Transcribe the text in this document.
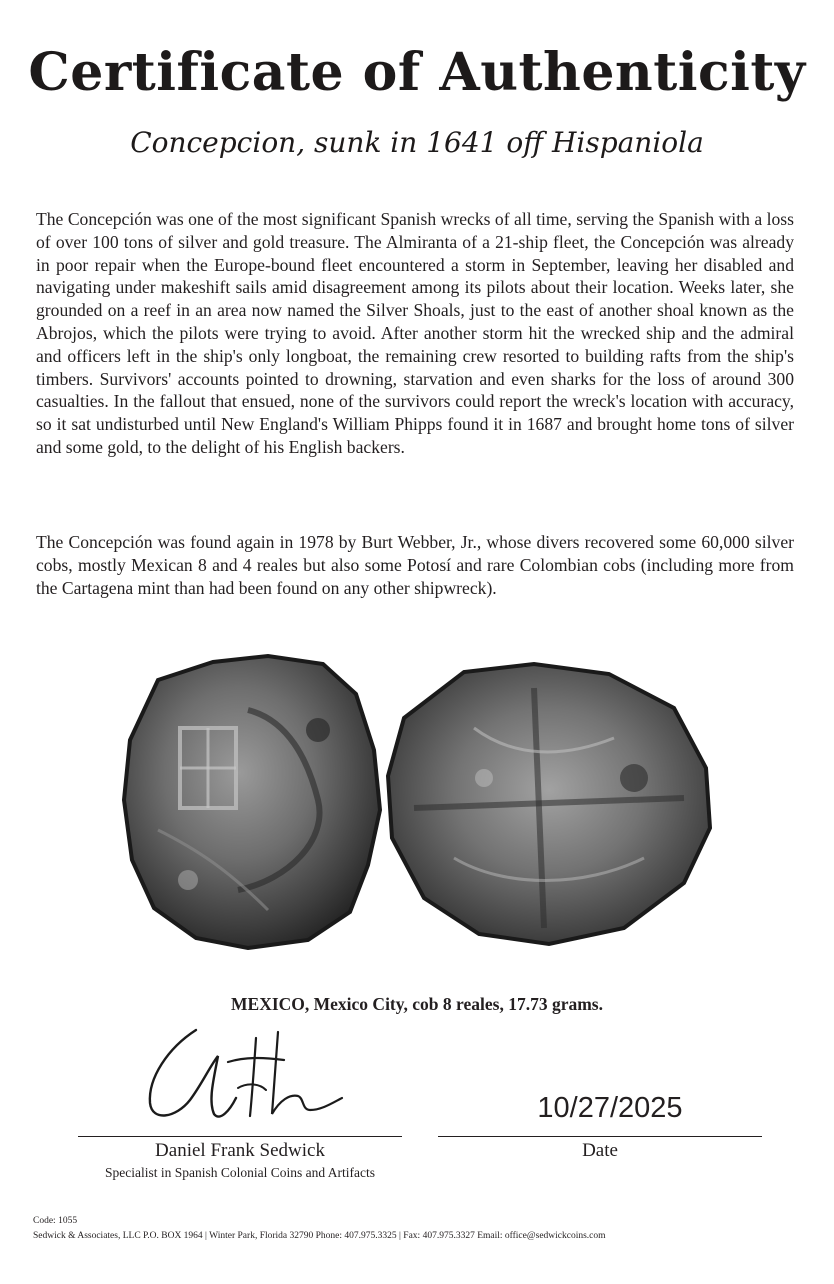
Certificate of Authenticity
Concepcion, sunk in 1641 off Hispaniola

The Concepción was one of the most significant Spanish wrecks of all time, serving the Spanish with a loss of over 100 tons of silver and gold treasure. The Almiranta of a 21-ship fleet, the Concepción was already in poor repair when the Europe-bound fleet encountered a storm in September, leaving her disabled and navigating under makeshift sails amid disagreement among its pilots about their location. Weeks later, she grounded on a reef in an area now named the Silver Shoals, just to the east of another shoal known as the Abrojos, which the pilots were trying to avoid. After another storm hit the wrecked ship and the admiral and officers left in the ship's only longboat, the remaining crew resorted to building rafts from the ship's timbers. Survivors' accounts pointed to drowning, starvation and even sharks for the loss of around 300 casualties. In the fallout that ensued, none of the survivors could report the wreck's location with accuracy, so it sat undisturbed until New England's William Phipps found it in 1687 and brought home tons of silver and some gold, to the delight of his English backers.

The Concepción was found again in 1978 by Burt Webber, Jr., whose divers recovered some 60,000 silver cobs, mostly Mexican 8 and 4 reales but also some Potosí and rare Colombian cobs (including more from the Cartagena mint than had been found on any other shipwreck).

MEXICO, Mexico City, cob 8 reales, 17.73 grams.
10/27/2025
Daniel Frank Sedwick
Specialist in Spanish Colonial Coins and Artifacts
Date
Code: 1055
Sedwick & Associates, LLC P.O. BOX 1964 | Winter Park, Florida 32790 Phone: 407.975.3325 | Fax: 407.975.3327 Email: office@sedwickcoins.com
